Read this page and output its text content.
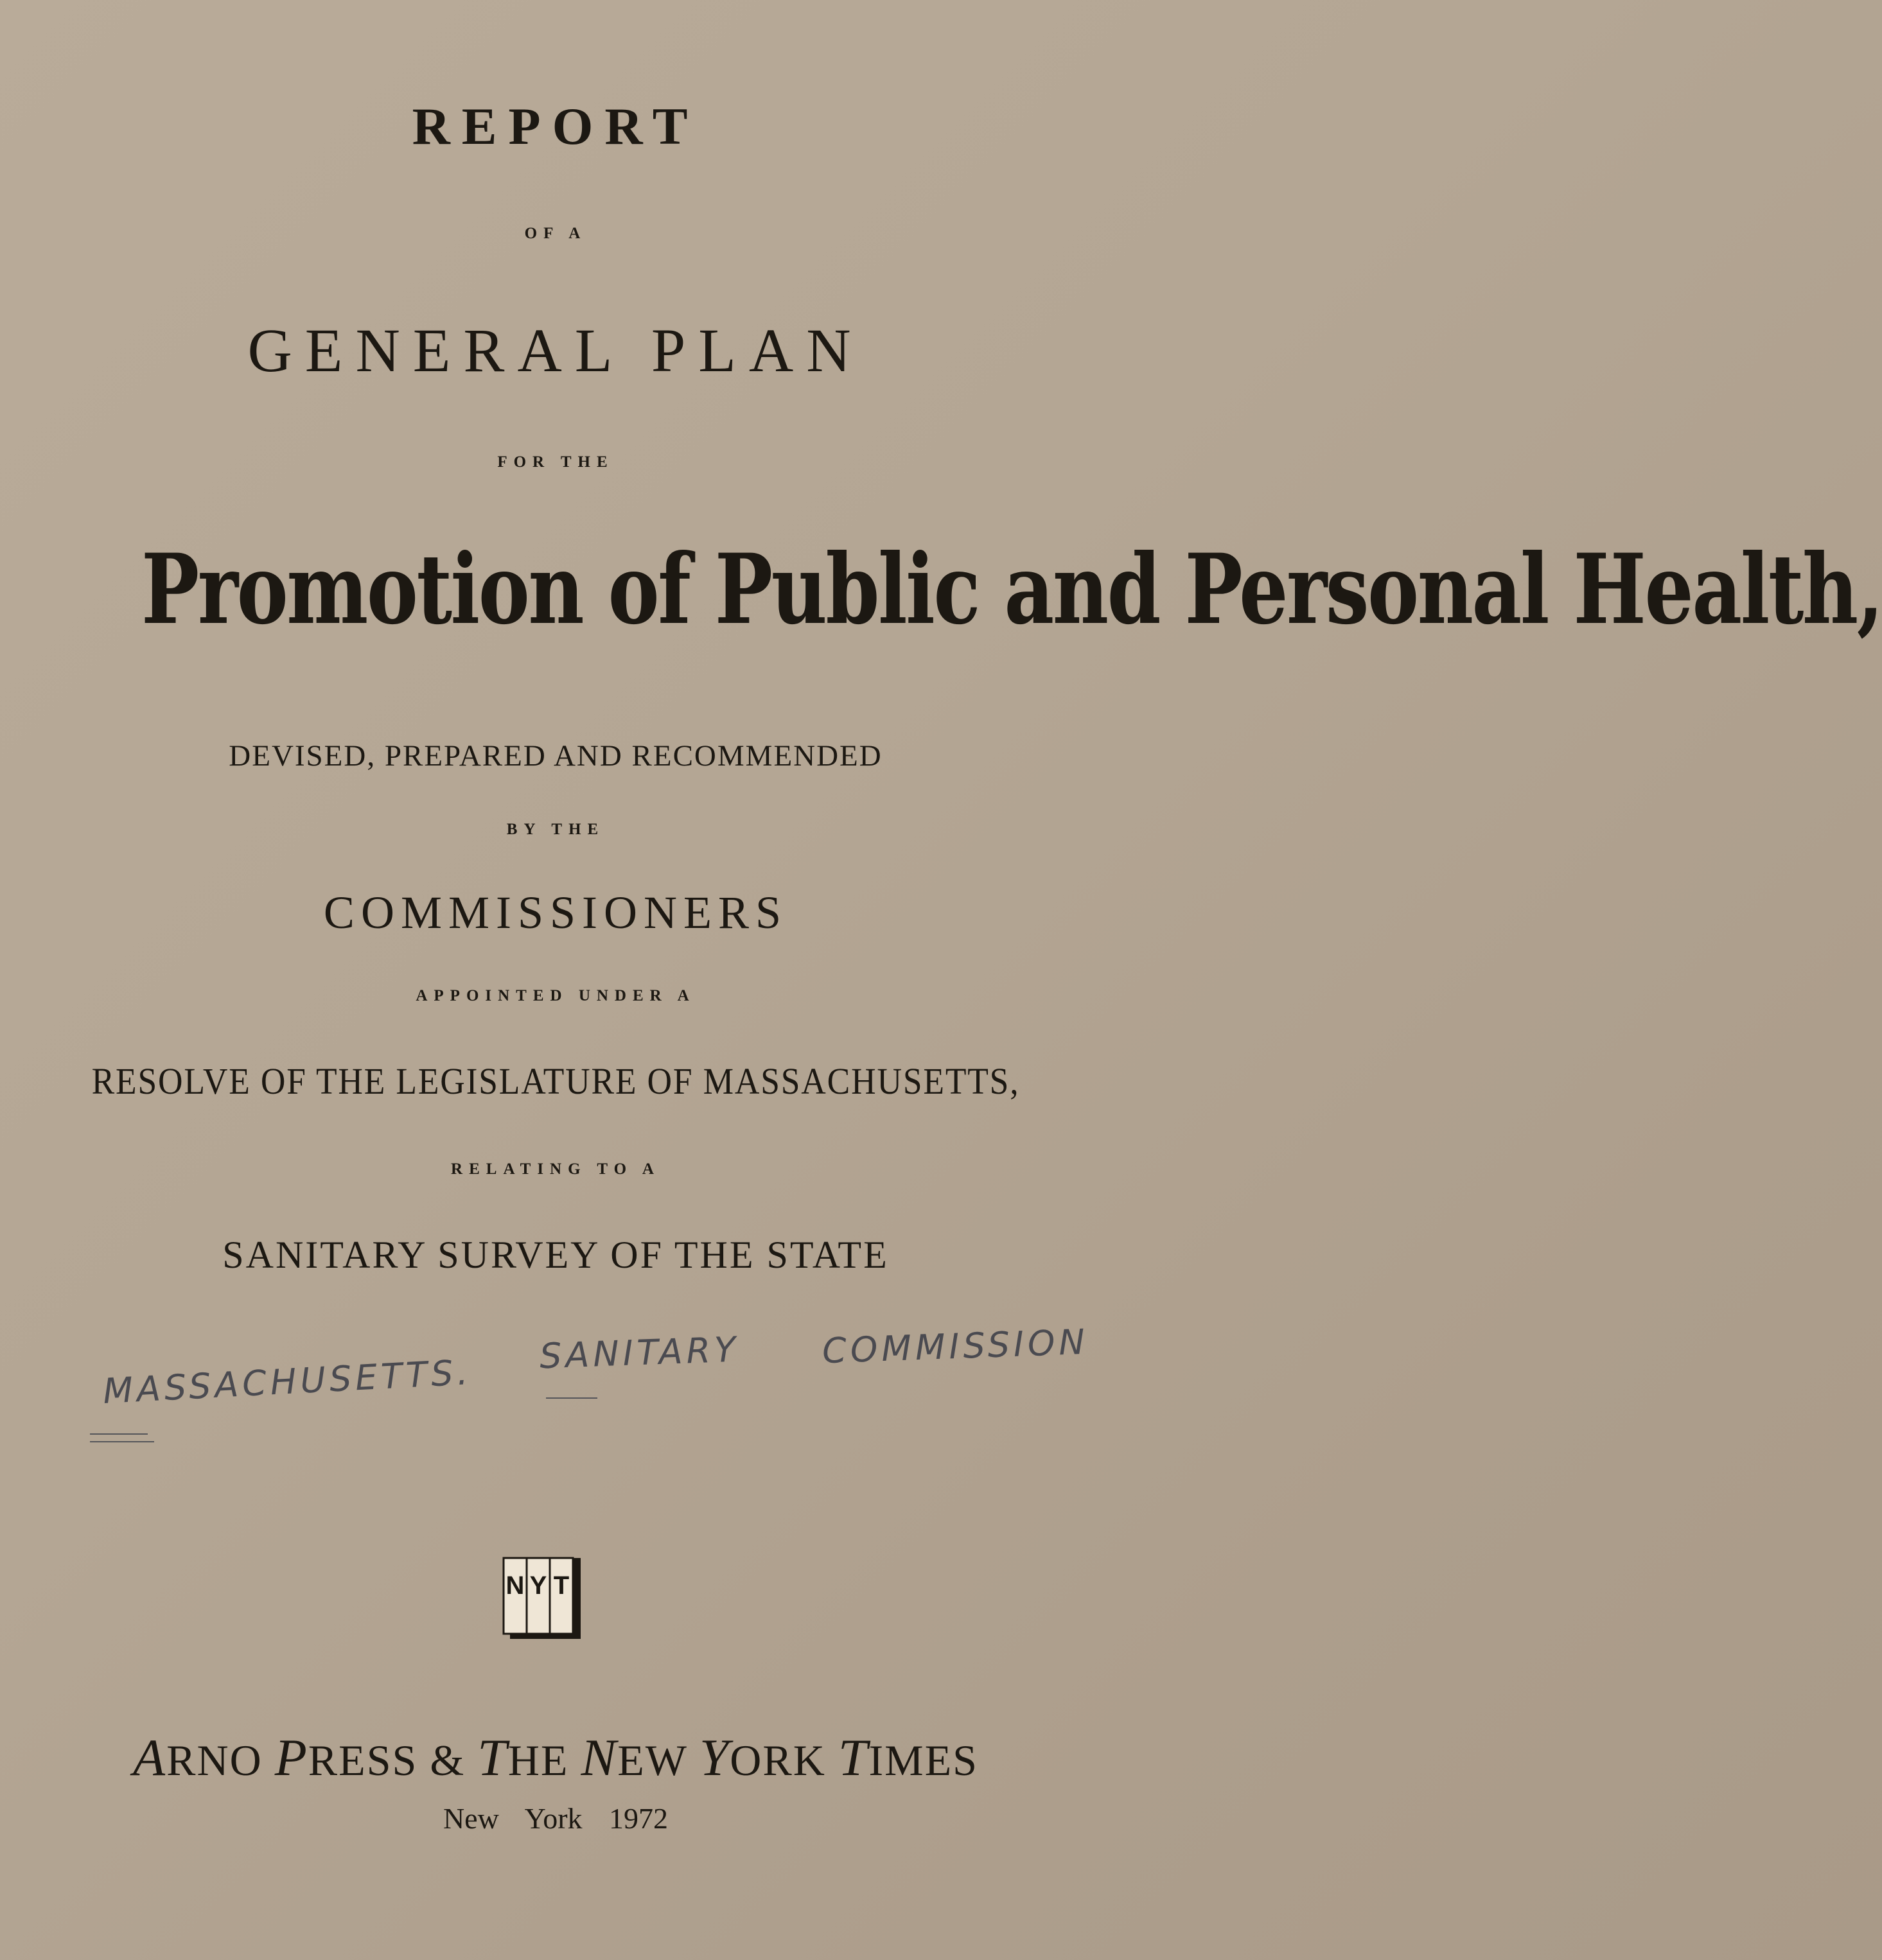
REPORT
OF A
GENERAL PLAN
FOR THE
Promotion of Public and Personal Health,
DEVISED, PREPARED AND RECOMMENDED
BY THE
COMMISSIONERS
APPOINTED UNDER A
RESOLVE OF THE LEGISLATURE OF MASSACHUSETTS,
RELATING TO A
SANITARY SURVEY OF THE STATE
MASSACHUSETTS. SANITARY COMMISSION
N Y T
ARNO PRESS & THE NEW YORK TIMES
New York 1972
